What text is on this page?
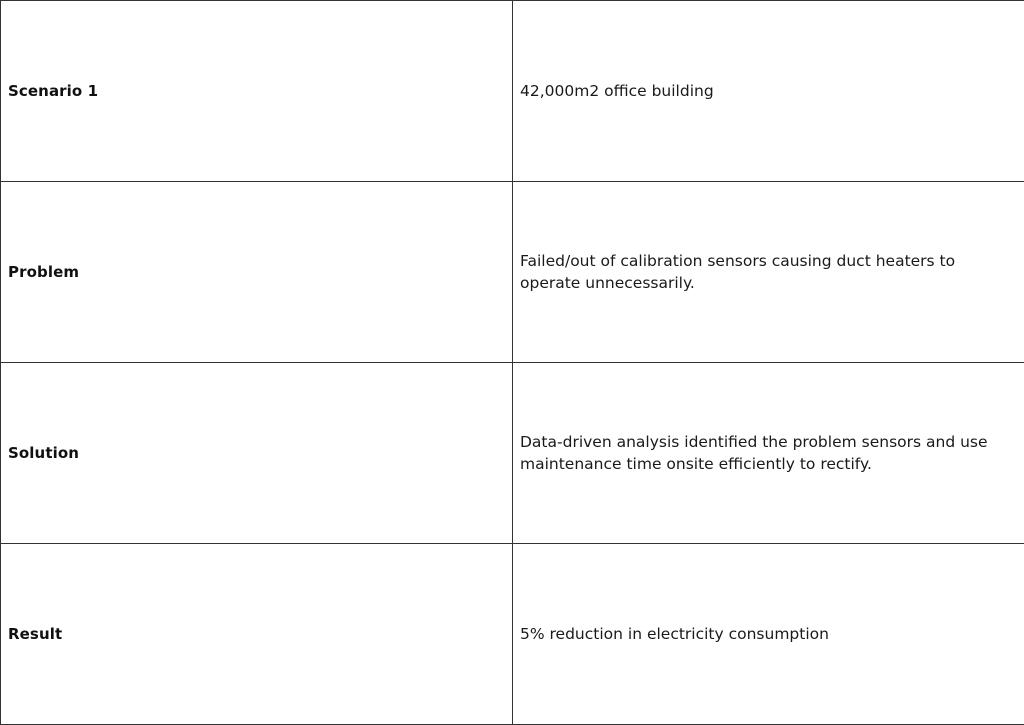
Scenario 1	42,000m2 office building
Problem	Failed/out of calibration sensors causing duct heaters to operate unnecessarily.
Solution	Data-driven analysis identified the problem sensors and use maintenance time onsite efficiently to rectify.
Result	5% reduction in electricity consumption
